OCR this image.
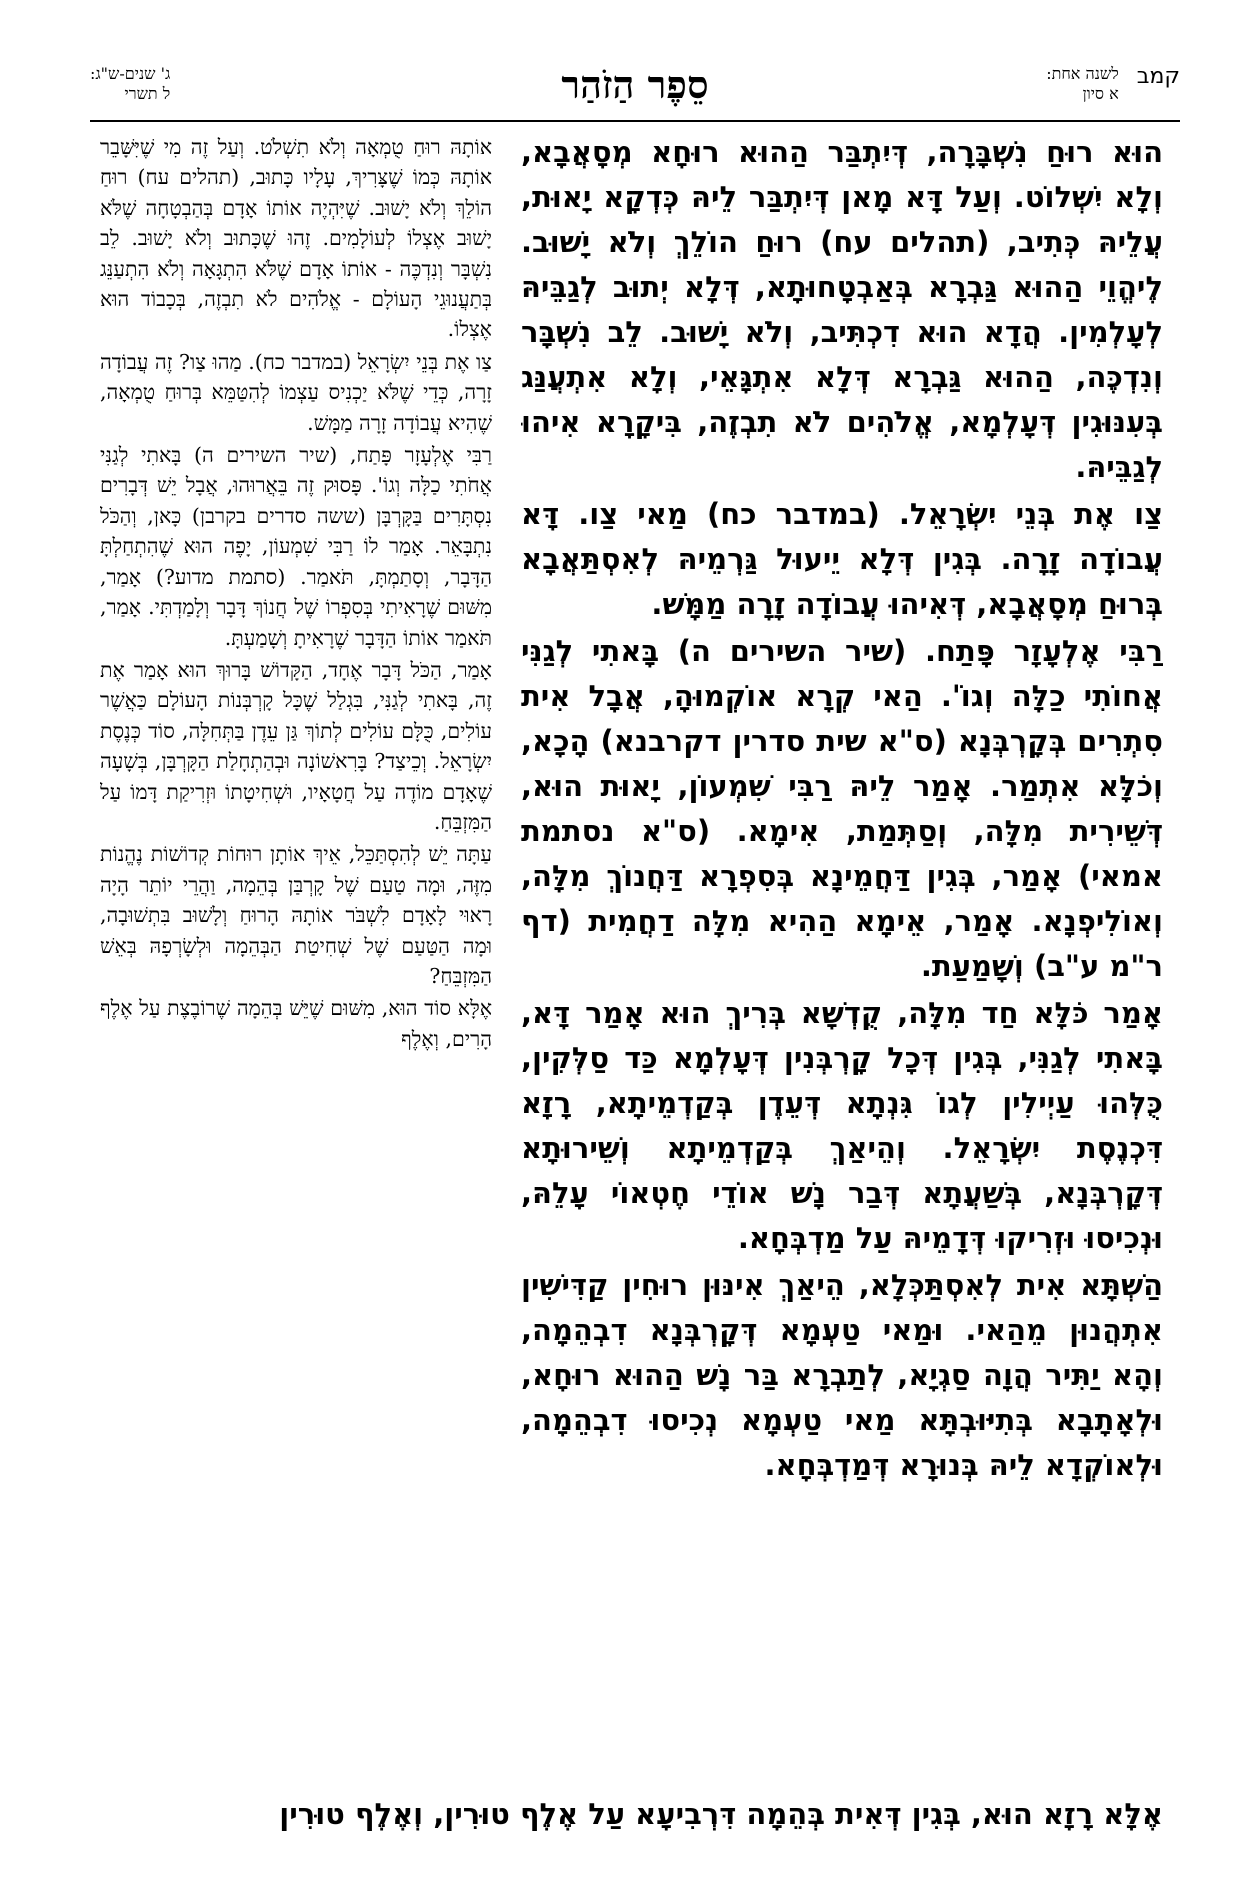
קמב
לשנה אחת:
א סיון
סֵפֶר הַזֹהַר
ג' שנים-ש"ג:
ל תשרי

הוּא רוּחַ נִשְׁבָּרָה, דְּיִתְבַּר הַהוּא רוּחָא מְסָאֲבָא, וְלָא יִשְׁלוֹט. וְעַל דָּא מָאן דְּיִתְבַּר לֵיהּ כְּדְקָא יָאוּת, עֲלֵיהּ כְּתִיב, (תהלים עח) רוּחַ הוֹלֵךְ וְלֹא יָשׁוּב. לֶיהֱוֵי הַהוּא גַּבְרָא בְּאַבְטָחוּתָא, דְּלָא יְתוּב לְגַבֵּיהּ לְעָלְמִין. הֲדָא הוּא דִכְתִּיב, וְלֹא יָשׁוּב. לֵב נִשְׁבָּר וְנִדְכֶּה, הַהוּא גַּבְרָא דְּלָא אִתְגָּאֵי, וְלָא אִתְעֲנַּג בְּעִנּוּגִין דְּעָלְמָא, אֱלֹהִים לֹא תִבְזֶה, בִּיקָרָא אִיהוּ לְגַבֵּיהּ.

צַו אֶת בְּנֵי יִשְׂרָאֵל. (במדבר כח) מַאי צַו. דָּא עֲבוֹדָה זָרָה. בְּגִין דְּלָא יֵיעוּל גַּרְמֵיהּ לְאִסְתַּאֲבָא בְּרוּחַ מְסָאֲבָא, דְּאִיהוּ עֲבוֹדָה זָרָה מַמָּשׁ.

רַבִּי אֶלְעָזָר פָּתַח. (שיר השירים ה) בָּאתִי לְגַנִּי אֲחוֹתִי כַלָּה וְגוֹ'. הַאי קְרָא אוֹקְמוּהָ, אֲבָל אִית סִתְרִים בְּקָרְבְּנָא (ס"א שית סדרין דקרבנא) הָכָא, וְכֹלָּא אִתְמַר. אָמַר לֵיהּ רַבִּי שִׁמְעוֹן, יָאוּת הוּא, דְּשֵׁירִית מִלָּה, וְסַתְּמַת, אִימָא. (ס"א נסתמת אמאי) אָמַר, בְּגִין דַּחֲמֵינָא בְּסִפְרָא דַּחֲנוֹךְ מִלָּה, וְאוֹלִיפְנָא. אָמַר, אֵימָא הַהִיא מִלָּה דַחֲמִית (דף ר"מ ע"ב) וְשָׁמַעַת.

אָמַר כֹּלָּא חַד מִלָּה, קֻדְשָׁא בְּרִיךְ הוּא אָמַר דָּא, בָּאתִי לְגַנִּי, בְּגִין דְּכָל קָרְבְּנִין דְּעָלְמָא כַּד סַלְּקִין, כֻּלְּהוּ עַיְילִין לְגוֹ גִּנְתָא דְּעֵדֶן בְּקַדְמֵיתָא, רָזָא דִּכְנֶסֶת יִשְׂרָאֵל. וְהֵיאַךְ בְּקַדְמֵיתָא וְשֵׁירוּתָא דְּקָרְבְּנָא, בְּשַׁעֲתָא דְּבַר נָשׁ אוֹדֵי חֶטְאוֹי עָלֵהּ, וּנְכִיסוּ וּזְרִיקוּ דְּדָמֵיהּ עַל מַדְבְּחָא.

הַשְׁתָּא אִית לְאִסְתַּכְּלָא, הֵיאַךְ אִינּוּן רוּחִין קַדִּישִׁין אִתְהֲנוּן מֵהַאי. וּמַאי טַעְמָא דְּקָרְבְּנָא דִבְהֵמָה, וְהָא יַתִּיר הֲוָה סַגְיָא, לְתַבְרָא בַּר נָשׁ הַהוּא רוּחָא, וּלְאָתָבָא בְּתִיּוּבְתָּא מַאי טַעְמָא נְכִיסוּ דִבְהֵמָה, וּלְאוֹקְדָא לֵיהּ בְּנוּרָא דְּמַדְבְּחָא.

אוֹתָהּ רוּחַ טֻמְאָה וְלֹא תִשְׁלֹט. וְעַל זֶה מִי שֶׁיִּשָּׁבֵר אוֹתָהּ כְּמוֹ שֶׁצָּרִיךְ, עָלָיו כָּתוּב, (תהלים עח) רוּחַ הוֹלֵךְ וְלֹא יָשׁוּב. שֶׁיִּהְיֶה אוֹתוֹ אָדָם בְּהַבְטָחָה שֶׁלֹּא יָשׁוּב אֶצְלוֹ לְעוֹלָמִים. זֶהוּ שֶׁכָּתוּב וְלֹא יָשׁוּב. לֵב נִשְׁבָּר וְנִדְכֶּה - אוֹתוֹ אָדָם שֶׁלֹּא הִתְגָּאָה וְלֹא הִתְעַנֵּג בְּתַעֲנוּגֵי הָעוֹלָם - אֱלֹהִים לֹא תִבְזֶה, בְּכָבוֹד הוּא אֶצְלוֹ.

צַו אֶת בְּנֵי יִשְׂרָאֵל (במדבר כח). מַהוּ צַו? זֶה עֲבוֹדָה זָרָה, כְּדֵי שֶׁלֹּא יַכְנִיס עַצְמוֹ לְהִטַּמֵּא בְּרוּחַ טֻמְאָה, שֶׁהִיא עֲבוֹדָה זָרָה מַמָּשׁ.

רַבִּי אֶלְעָזָר פָּתַח, (שיר השירים ה) בָּאתִי לְגַנִּי אֲחֹתִי כַלָּה וְגוֹ'. פָּסוּק זֶה בֵּאֲרוּהוּ, אֲבָל יֵשׁ דְּבָרִים נִסְתָּרִים בַּקָּרְבָּן (ששה סדרים בקרבן) כָּאן, וְהַכֹּל נִתְבָּאֵר. אָמַר לוֹ רַבִּי שִׁמְעוֹן, יָפֶה הוּא שֶׁהִתְחַלְתָּ הַדָּבָר, וְסָתַמְתָּ, תֹּאמַר. (סתמת מדוע?) אָמַר, מִשּׁוּם שֶׁרָאִיתִי בְּסִפְרוֹ שֶׁל חֲנוֹךְ דָּבָר וְלָמַדְתִּי. אָמַר, תֹּאמַר אוֹתוֹ הַדָּבָר שֶׁרָאִיתָ וְשָׁמַעְתָּ.

אָמַר, הַכֹּל דָּבָר אֶחָד, הַקָּדוֹשׁ בָּרוּךְ הוּא אָמַר אֶת זֶה, בָּאתִי לְגַנִּי, בִּגְלַל שֶׁכָּל קָרְבְּנוֹת הָעוֹלָם כַּאֲשֶׁר עוֹלִים, כֻּלָּם עוֹלִים לְתוֹךְ גַּן עֵדֶן בַּתְּחִלָּה, סוֹד כְּנֶסֶת יִשְׂרָאֵל. וְכֵיצַד? בָּרִאשׁוֹנָה וּבְהַתְחָלַת הַקָּרְבָּן, בְּשָׁעָה שֶׁאָדָם מוֹדֶה עַל חֲטָאָיו, וּשְׁחִיטָתוֹ וּזְרִיקַת דָּמוֹ עַל הַמִּזְבֵּחַ.

עַתָּה יֵשׁ לְהִסְתַּכֵּל, אֵיךְ אוֹתָן רוּחוֹת קְדוֹשׁוֹת נֶהֱנוֹת מִזֶּה, וּמָה טַעַם שֶׁל קָרְבַּן בְּהֵמָה, וַהֲרֵי יוֹתֵר הָיָה רָאוּי לָאָדָם לִשְׁבֹּר אוֹתָהּ הָרוּחַ וְלָשׁוּב בִּתְשׁוּבָה, וּמָה הַטַּעַם שֶׁל שְׁחִיטַת הַבְּהֵמָה וּלְשָׂרְפָהּ בְּאֵשׁ הַמִּזְבֵּחַ?

אֶלָּא סוֹד הוּא, מִשּׁוּם שֶׁיֵּשׁ בְּהֵמָה שֶׁרוֹבֶצֶת עַל אֶלֶף הָרִים, וְאֶלֶף

אֶלָּא רָזָא הוּא, בְּגִין דְּאִית בְּהֵמָה דִּרְבִיעָא עַל אֶלֶף טוּרִין, וְאֶלֶף טוּרִין
